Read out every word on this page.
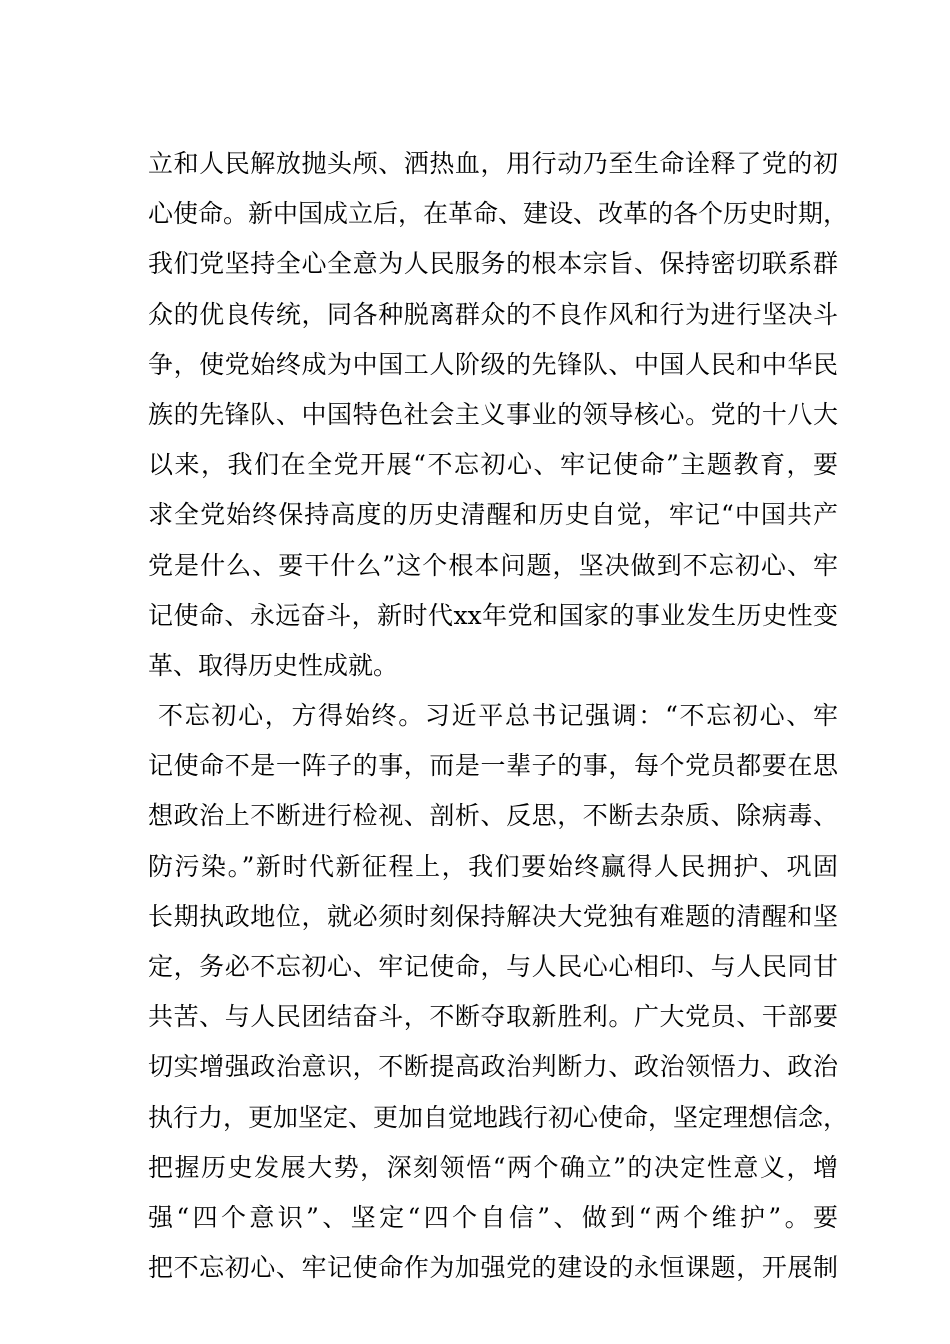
立和人民解放抛头颅、洒热血，用行动乃至生命诠释了党的初
心使命。新中国成立后，在革命、建设、改革的各个历史时期，
我们党坚持全心全意为人民服务的根本宗旨、保持密切联系群
众的优良传统，同各种脱离群众的不良作风和行为进行坚决斗
争，使党始终成为中国工人阶级的先锋队、中国人民和中华民
族的先锋队、中国特色社会主义事业的领导核心。党的十八大
以来，我们在全党开展“不忘初心、牢记使命”主题教育，要
求全党始终保持高度的历史清醒和历史自觉，牢记“中国共产
党是什么、要干什么”这个根本问题，坚决做到不忘初心、牢
记使命、永远奋斗，新时代xx年党和国家的事业发生历史性变
革、取得历史性成就。
不忘初心，方得始终。习近平总书记强调：“不忘初心、牢
记使命不是一阵子的事，而是一辈子的事，每个党员都要在思
想政治上不断进行检视、剖析、反思，不断去杂质、除病毒、
防污染。”新时代新征程上，我们要始终赢得人民拥护、巩固
长期执政地位，就必须时刻保持解决大党独有难题的清醒和坚
定，务必不忘初心、牢记使命，与人民心心相印、与人民同甘
共苦、与人民团结奋斗，不断夺取新胜利。广大党员、干部要
切实增强政治意识，不断提高政治判断力、政治领悟力、政治
执行力，更加坚定、更加自觉地践行初心使命，坚定理想信念，
把握历史发展大势，深刻领悟“两个确立”的决定性意义，增
强“四个意识”、坚定“四个自信”、做到“两个维护”。要
把不忘初心、牢记使命作为加强党的建设的永恒课题，开展制
